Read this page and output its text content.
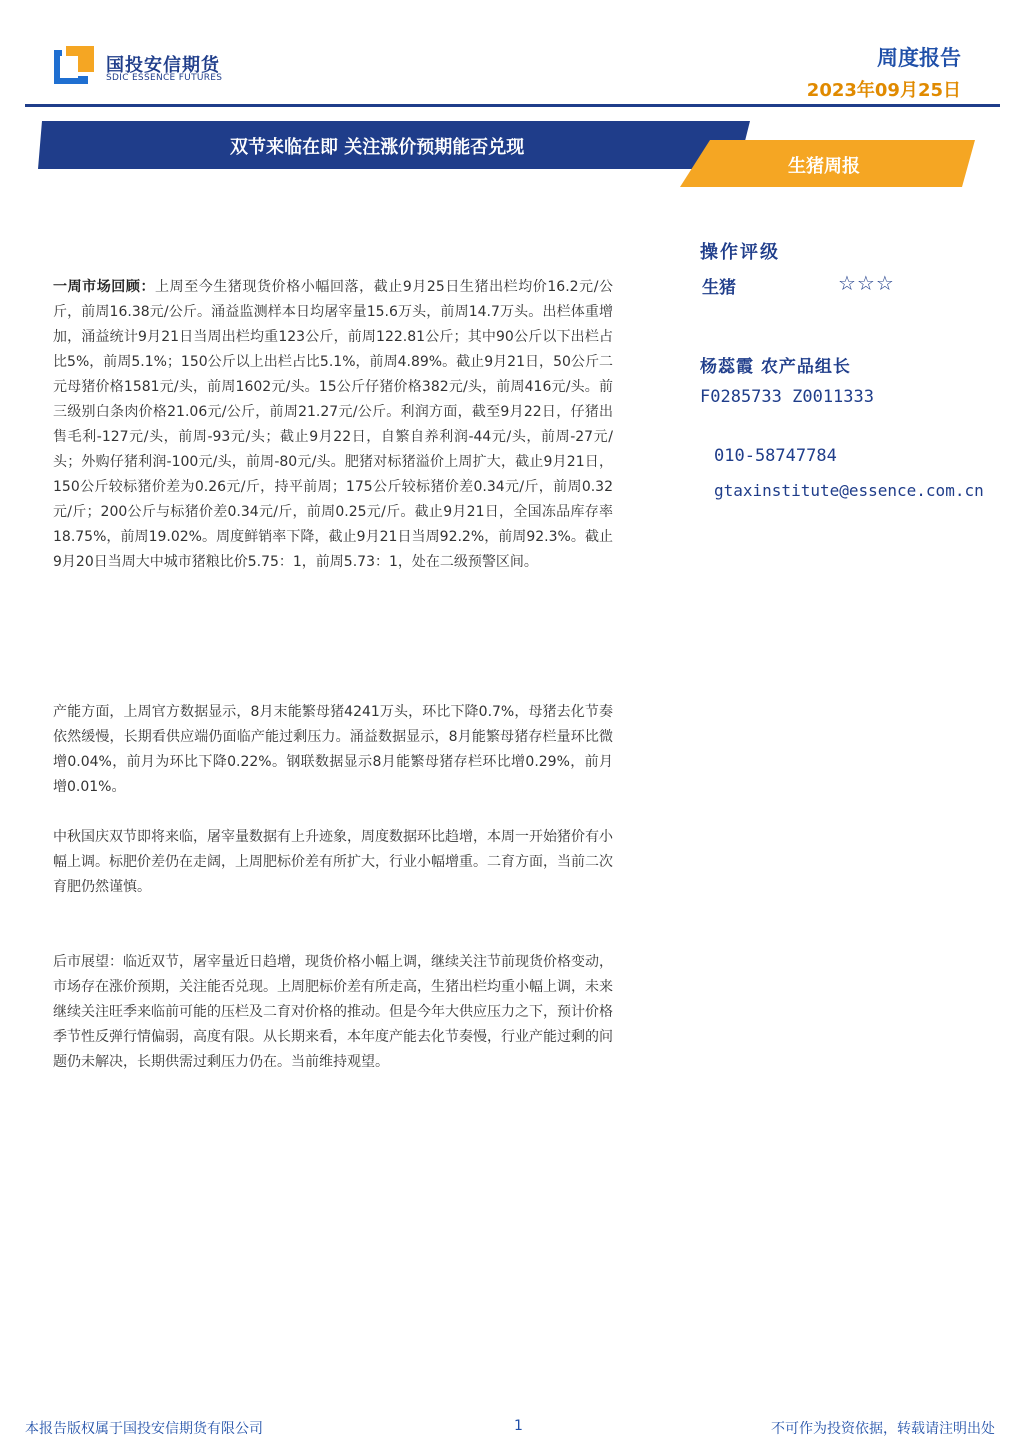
国投安信期货
SDIC ESSENCE FUTURES
周度报告
2023年09月25日
双节来临在即 关注涨价预期能否兑现
生猪周报

一周市场回顾：上周至今生猪现货价格小幅回落，截止9月25日生猪出栏均价16.2元/公斤，前周16.38元/公斤。涌益监测样本日均屠宰量15.6万头，前周14.7万头。出栏体重增加，涌益统计9月21日当周出栏均重123公斤，前周122.81公斤；其中90公斤以下出栏占比5%，前周5.1%；150公斤以上出栏占比5.1%，前周4.89%。截止9月21日，50公斤二元母猪价格1581元/头，前周1602元/头。15公斤仔猪价格382元/头，前周416元/头。前三级别白条肉价格21.06元/公斤，前周21.27元/公斤。利润方面，截至9月22日，仔猪出售毛利-127元/头，前周-93元/头；截止9月22日，自繁自养利润-44元/头，前周-27元/头；外购仔猪利润-100元/头，前周-80元/头。肥猪对标猪溢价上周扩大，截止9月21日，150公斤较标猪价差为0.26元/斤，持平前周；175公斤较标猪价差0.34元/斤，前周0.32元/斤；200公斤与标猪价差0.34元/斤，前周0.25元/斤。截止9月21日，全国冻品库存率18.75%，前周19.02%。周度鲜销率下降，截止9月21日当周92.2%，前周92.3%。截止9月20日当周大中城市猪粮比价5.75：1，前周5.73：1，处在二级预警区间。

产能方面，上周官方数据显示，8月末能繁母猪4241万头，环比下降0.7%，母猪去化节奏依然缓慢，长期看供应端仍面临产能过剩压力。涌益数据显示，8月能繁母猪存栏量环比微增0.04%，前月为环比下降0.22%。钢联数据显示8月能繁母猪存栏环比增0.29%，前月增0.01%。

中秋国庆双节即将来临，屠宰量数据有上升迹象，周度数据环比趋增，本周一开始猪价有小幅上调。标肥价差仍在走阔，上周肥标价差有所扩大，行业小幅增重。二育方面，当前二次育肥仍然谨慎。

后市展望：临近双节，屠宰量近日趋增，现货价格小幅上调，继续关注节前现货价格变动，市场存在涨价预期，关注能否兑现。上周肥标价差有所走高，生猪出栏均重小幅上调，未来继续关注旺季来临前可能的压栏及二育对价格的推动。但是今年大供应压力之下，预计价格季节性反弹行情偏弱，高度有限。从长期来看，本年度产能去化节奏慢，行业产能过剩的问题仍未解决，长期供需过剩压力仍在。当前维持观望。

操作评级
生猪	☆☆☆
杨蕊霞 农产品组长
F0285733 Z0011333
010-58747784
gtaxinstitute@essence.com.cn
本报告版权属于国投安信期货有限公司	1	不可作为投资依据，转载请注明出处
